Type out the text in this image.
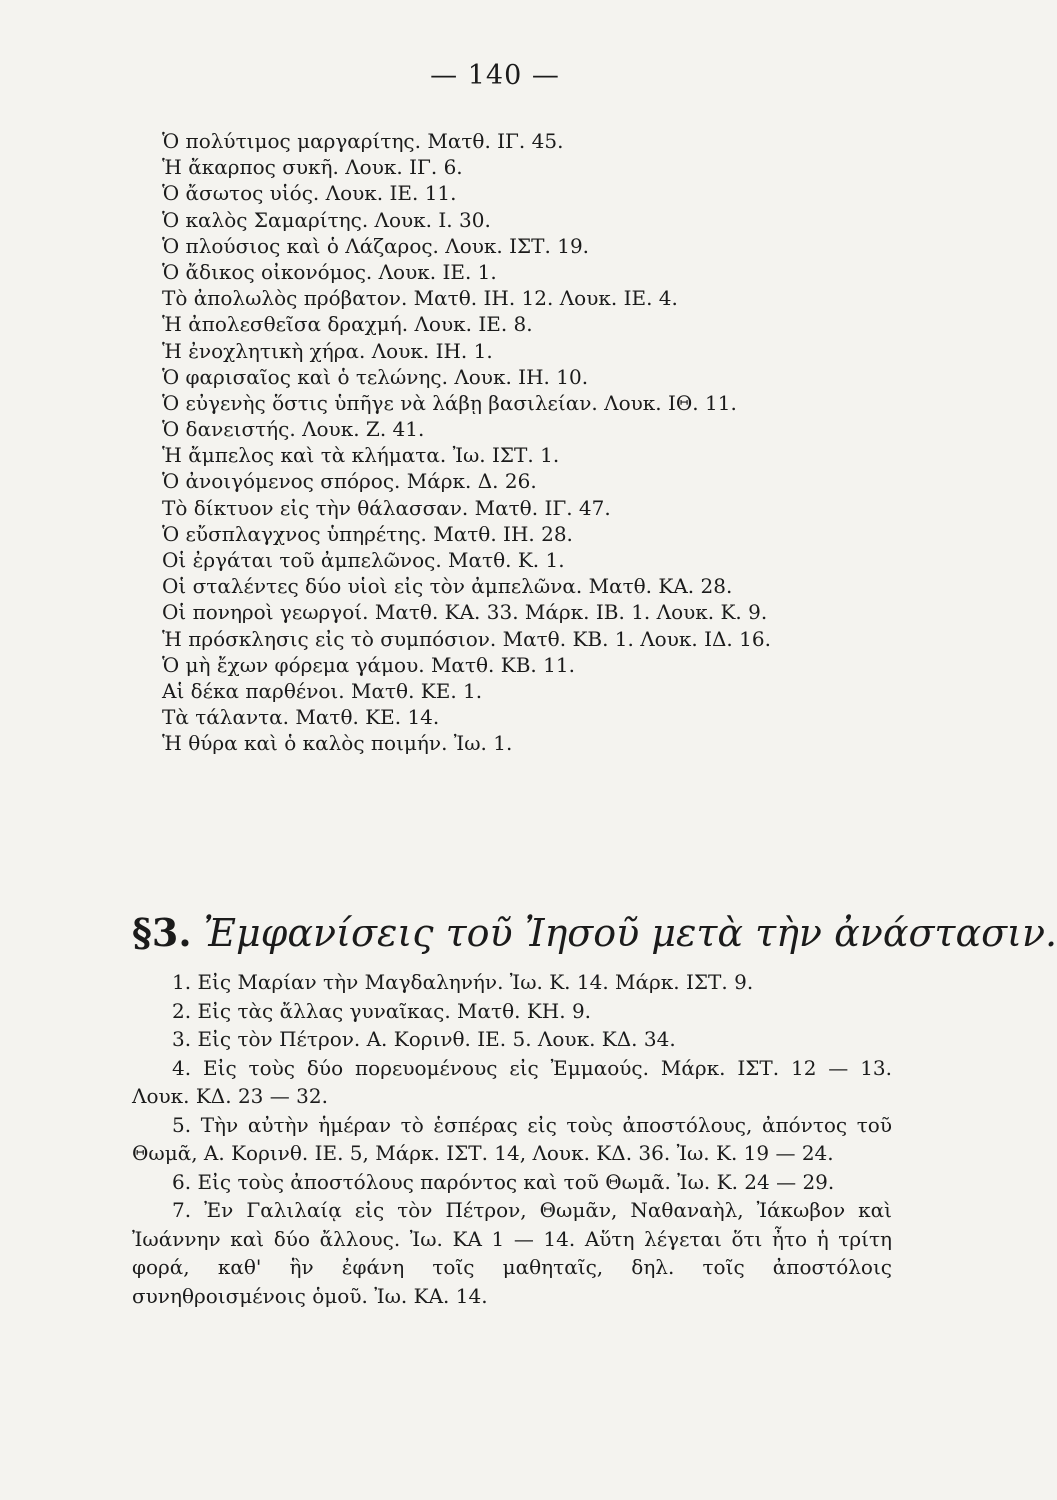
— 140 —
Ὁ πολύτιμος μαργαρίτης. Ματθ. ΙΓ. 45.
Ἡ ἄκαρπος συκῆ. Λουκ. ΙΓ. 6.
Ὁ ἄσωτος υἱός. Λουκ. ΙΕ. 11.
Ὁ καλὸς Σαμαρίτης. Λουκ. Ι. 30.
Ὁ πλούσιος καὶ ὁ Λάζαρος. Λουκ. ΙΣΤ. 19.
Ὁ ἄδικος οἰκονόμος. Λουκ. ΙΕ. 1.
Τὸ ἀπολωλὸς πρόβατον. Ματθ. ΙΗ. 12. Λουκ. ΙΕ. 4.
Ἡ ἀπολεσθεῖσα δραχμή. Λουκ. ΙΕ. 8.
Ἡ ἐνοχλητικὴ χήρα. Λουκ. ΙΗ. 1.
Ὁ φαρισαῖος καὶ ὁ τελώνης. Λουκ. ΙΗ. 10.
Ὁ εὐγενὴς ὅστις ὑπῆγε νὰ λάβῃ βασιλείαν. Λουκ. ΙΘ. 11.
Ὁ δανειστής. Λουκ. Ζ. 41.
Ἡ ἄμπελος καὶ τὰ κλήματα. Ἰω. ΙΣΤ. 1.
Ὁ ἀνοιγόμενος σπόρος. Μάρκ. Δ. 26.
Τὸ δίκτυον εἰς τὴν θάλασσαν. Ματθ. ΙΓ. 47.
Ὁ εὔσπλαγχνος ὑπηρέτης. Ματθ. ΙΗ. 28.
Οἱ ἐργάται τοῦ ἀμπελῶνος. Ματθ. Κ. 1.
Οἱ σταλέντες δύο υἱοὶ εἰς τὸν ἀμπελῶνα. Ματθ. ΚΑ. 28.
Οἱ πονηροὶ γεωργοί. Ματθ. ΚΑ. 33. Μάρκ. ΙΒ. 1. Λουκ. Κ. 9.
Ἡ πρόσκλησις εἰς τὸ συμπόσιον. Ματθ. ΚΒ. 1. Λουκ. ΙΔ. 16.
Ὁ μὴ ἔχων φόρεμα γάμου. Ματθ. ΚΒ. 11.
Αἱ δέκα παρθένοι. Ματθ. ΚΕ. 1.
Τὰ τάλαντα. Ματθ. ΚΕ. 14.
Ἡ θύρα καὶ ὁ καλὸς ποιμήν. Ἰω. 1.
§3. Ἐμφανίσεις τοῦ Ἰησοῦ μετὰ τὴν ἀνάστασιν.
1. Εἰς Μαρίαν τὴν Μαγδαληνήν. Ἰω. Κ. 14. Μάρκ. ΙΣΤ. 9.
2. Εἰς τὰς ἄλλας γυναῖκας. Ματθ. ΚΗ. 9.
3. Εἰς τὸν Πέτρον. Α. Κορινθ. ΙΕ. 5. Λουκ. ΚΔ. 34.
4. Εἰς τοὺς δύο πορευομένους εἰς Ἐμμαούς. Μάρκ. ΙΣΤ. 12 — 13. Λουκ. ΚΔ. 23 — 32.
5. Τὴν αὐτὴν ἡμέραν τὸ ἑσπέρας εἰς τοὺς ἀποστόλους, ἀπόντος τοῦ Θωμᾶ, Α. Κορινθ. ΙΕ. 5, Μάρκ. ΙΣΤ. 14, Λουκ. ΚΔ. 36. Ἰω. Κ. 19 — 24.
6. Εἰς τοὺς ἀποστόλους παρόντος καὶ τοῦ Θωμᾶ. Ἰω. Κ. 24 — 29.
7. Ἐν Γαλιλαίᾳ εἰς τὸν Πέτρον, Θωμᾶν, Ναθαναὴλ, Ἰάκωβον καὶ Ἰωάννην καὶ δύο ἄλλους. Ἰω. ΚΑ 1 — 14. Αὕτη λέγεται ὅτι ἦτο ἡ τρίτη φορά, καθ' ἣν ἐφάνη τοῖς μαθηταῖς, δηλ. τοῖς ἀποστόλοις συνηθροισμένοις ὁμοῦ. Ἰω. ΚΑ. 14.
